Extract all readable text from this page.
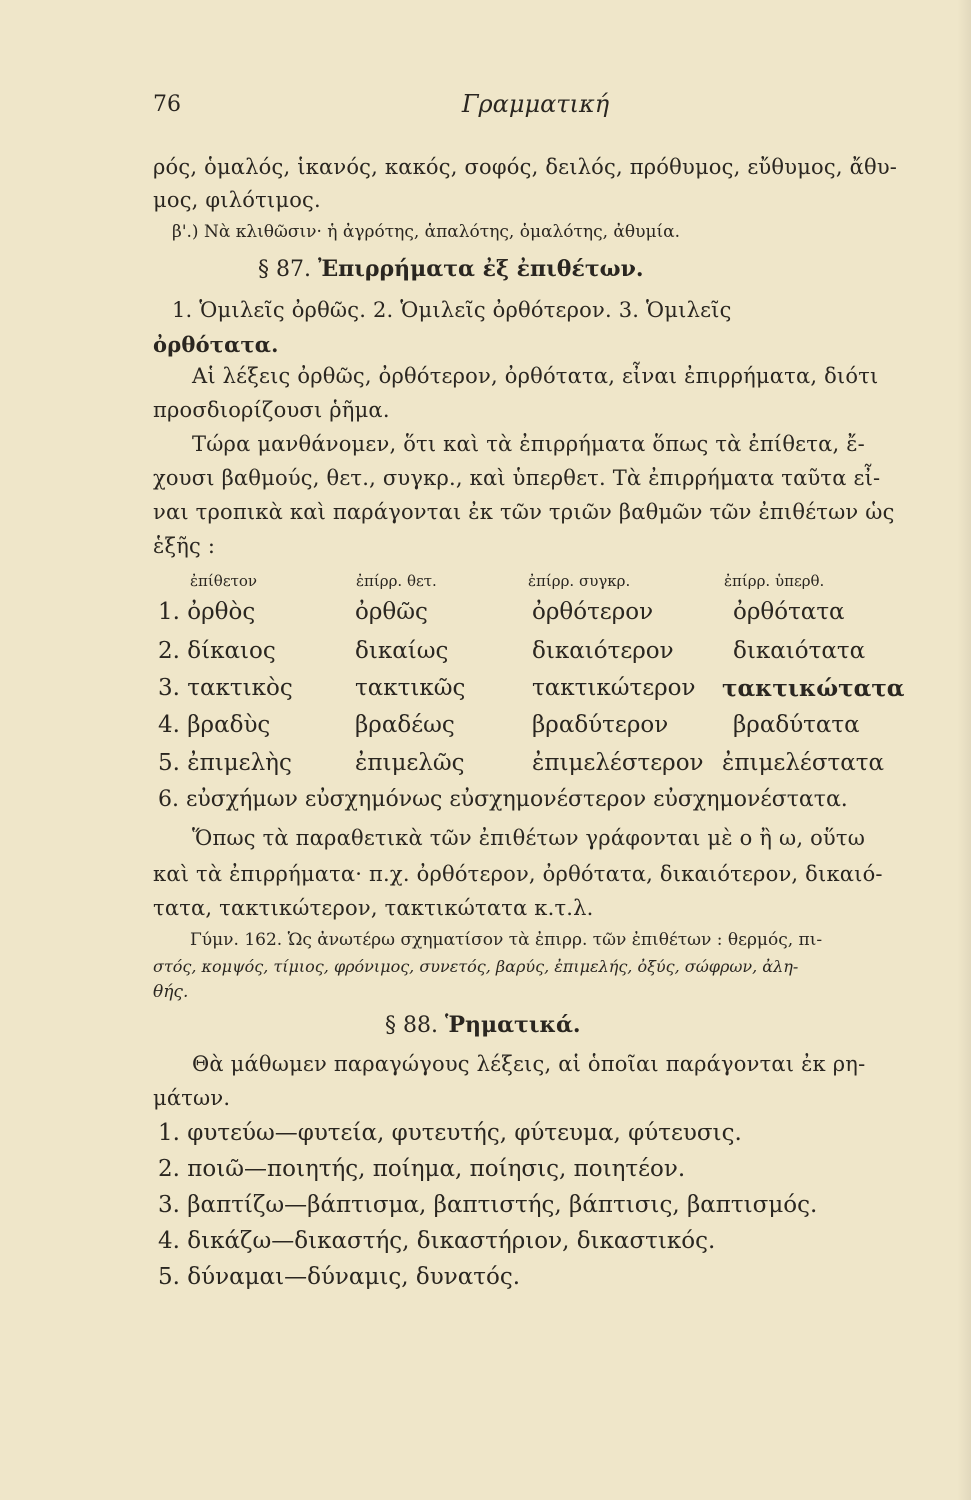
76	Γραμματική
ρός, ὁμαλός, ἱκανός, κακός, σοφός, δειλός, πρόθυμος, εὔθυμος, ἄθυ-
μος, φιλότιμος.
β'.) Νὰ κλιθῶσιν· ἡ ἀγρότης, ἁπαλότης, ὁμαλότης, ἀθυμία.
§ 87. Ἐπιρρήματα ἐξ ἐπιθέτων.
1. Ὁμιλεῖς ὀρθῶς. 2. Ὁμιλεῖς ὀρθότερον. 3. Ὁμιλεῖς
ὀρθότατα.
Αἱ λέξεις ὀρθῶς, ὀρθότερον, ὀρθότατα, εἶναι ἐπιρρήματα, διότι
προσδιορίζουσι ῥῆμα.
Τώρα μανθάνομεν, ὅτι καὶ τὰ ἐπιρρήματα ὅπως τὰ ἐπίθετα, ἔ-
χουσι βαθμούς, θετ., συγκρ., καὶ ὑπερθετ. Τὰ ἐπιρρήματα ταῦτα εἶ-
ναι τροπικὰ καὶ παράγονται ἐκ τῶν τριῶν βαθμῶν τῶν ἐπιθέτων ὡς
ἑξῆς :
ἐπίθετον	ἐπίρρ. θετ.	ἐπίρρ. συγκρ.	ἐπίρρ. ὑπερθ.
1. ὀρθὸς	ὀρθῶς	ὀρθότερον	ὀρθότατα
2. δίκαιος	δικαίως	δικαιότερον	δικαιότατα
3. τακτικὸς	τακτικῶς	τακτικώτερον τακτικώτατα
4. βραδὺς	βραδέως	βραδύτερον	βραδύτατα
5. ἐπιμελὴς	ἐπιμελῶς	ἐπιμελέστερον ἐπιμελέστατα
6. εὐσχήμων εὐσχημόνως εὐσχημονέστερον εὐσχημονέστατα.
Ὅπως τὰ παραθετικὰ τῶν ἐπιθέτων γράφονται μὲ ο ἢ ω, οὕτω
καὶ τὰ ἐπιρρήματα· π.χ. ὀρθότερον, ὀρθότατα, δικαιότερον, δικαιό-
τατα, τακτικώτερον, τακτικώτατα κ.τ.λ.
Γύμν. 162. Ὡς ἀνωτέρω σχηματίσον τὰ ἐπιρρ. τῶν ἐπιθέτων : θερμός, πι-
στός, κομψός, τίμιος, φρόνιμος, συνετός, βαρύς, ἐπιμελής, ὀξύς, σώφρων, ἀλη-
θής.
§ 88. Ῥηματικά.
Θὰ μάθωμεν παραγώγους λέξεις, αἱ ὁποῖαι παράγονται ἐκ ρη-
μάτων.
1. φυτεύω—φυτεία, φυτευτής, φύτευμα, φύτευσις.
2. ποιῶ—ποιητής, ποίημα, ποίησις, ποιητέον.
3. βαπτίζω—βάπτισμα, βαπτιστής, βάπτισις, βαπτισμός.
4. δικάζω—δικαστής, δικαστήριον, δικαστικός.
5. δύναμαι—δύναμις, δυνατός.
